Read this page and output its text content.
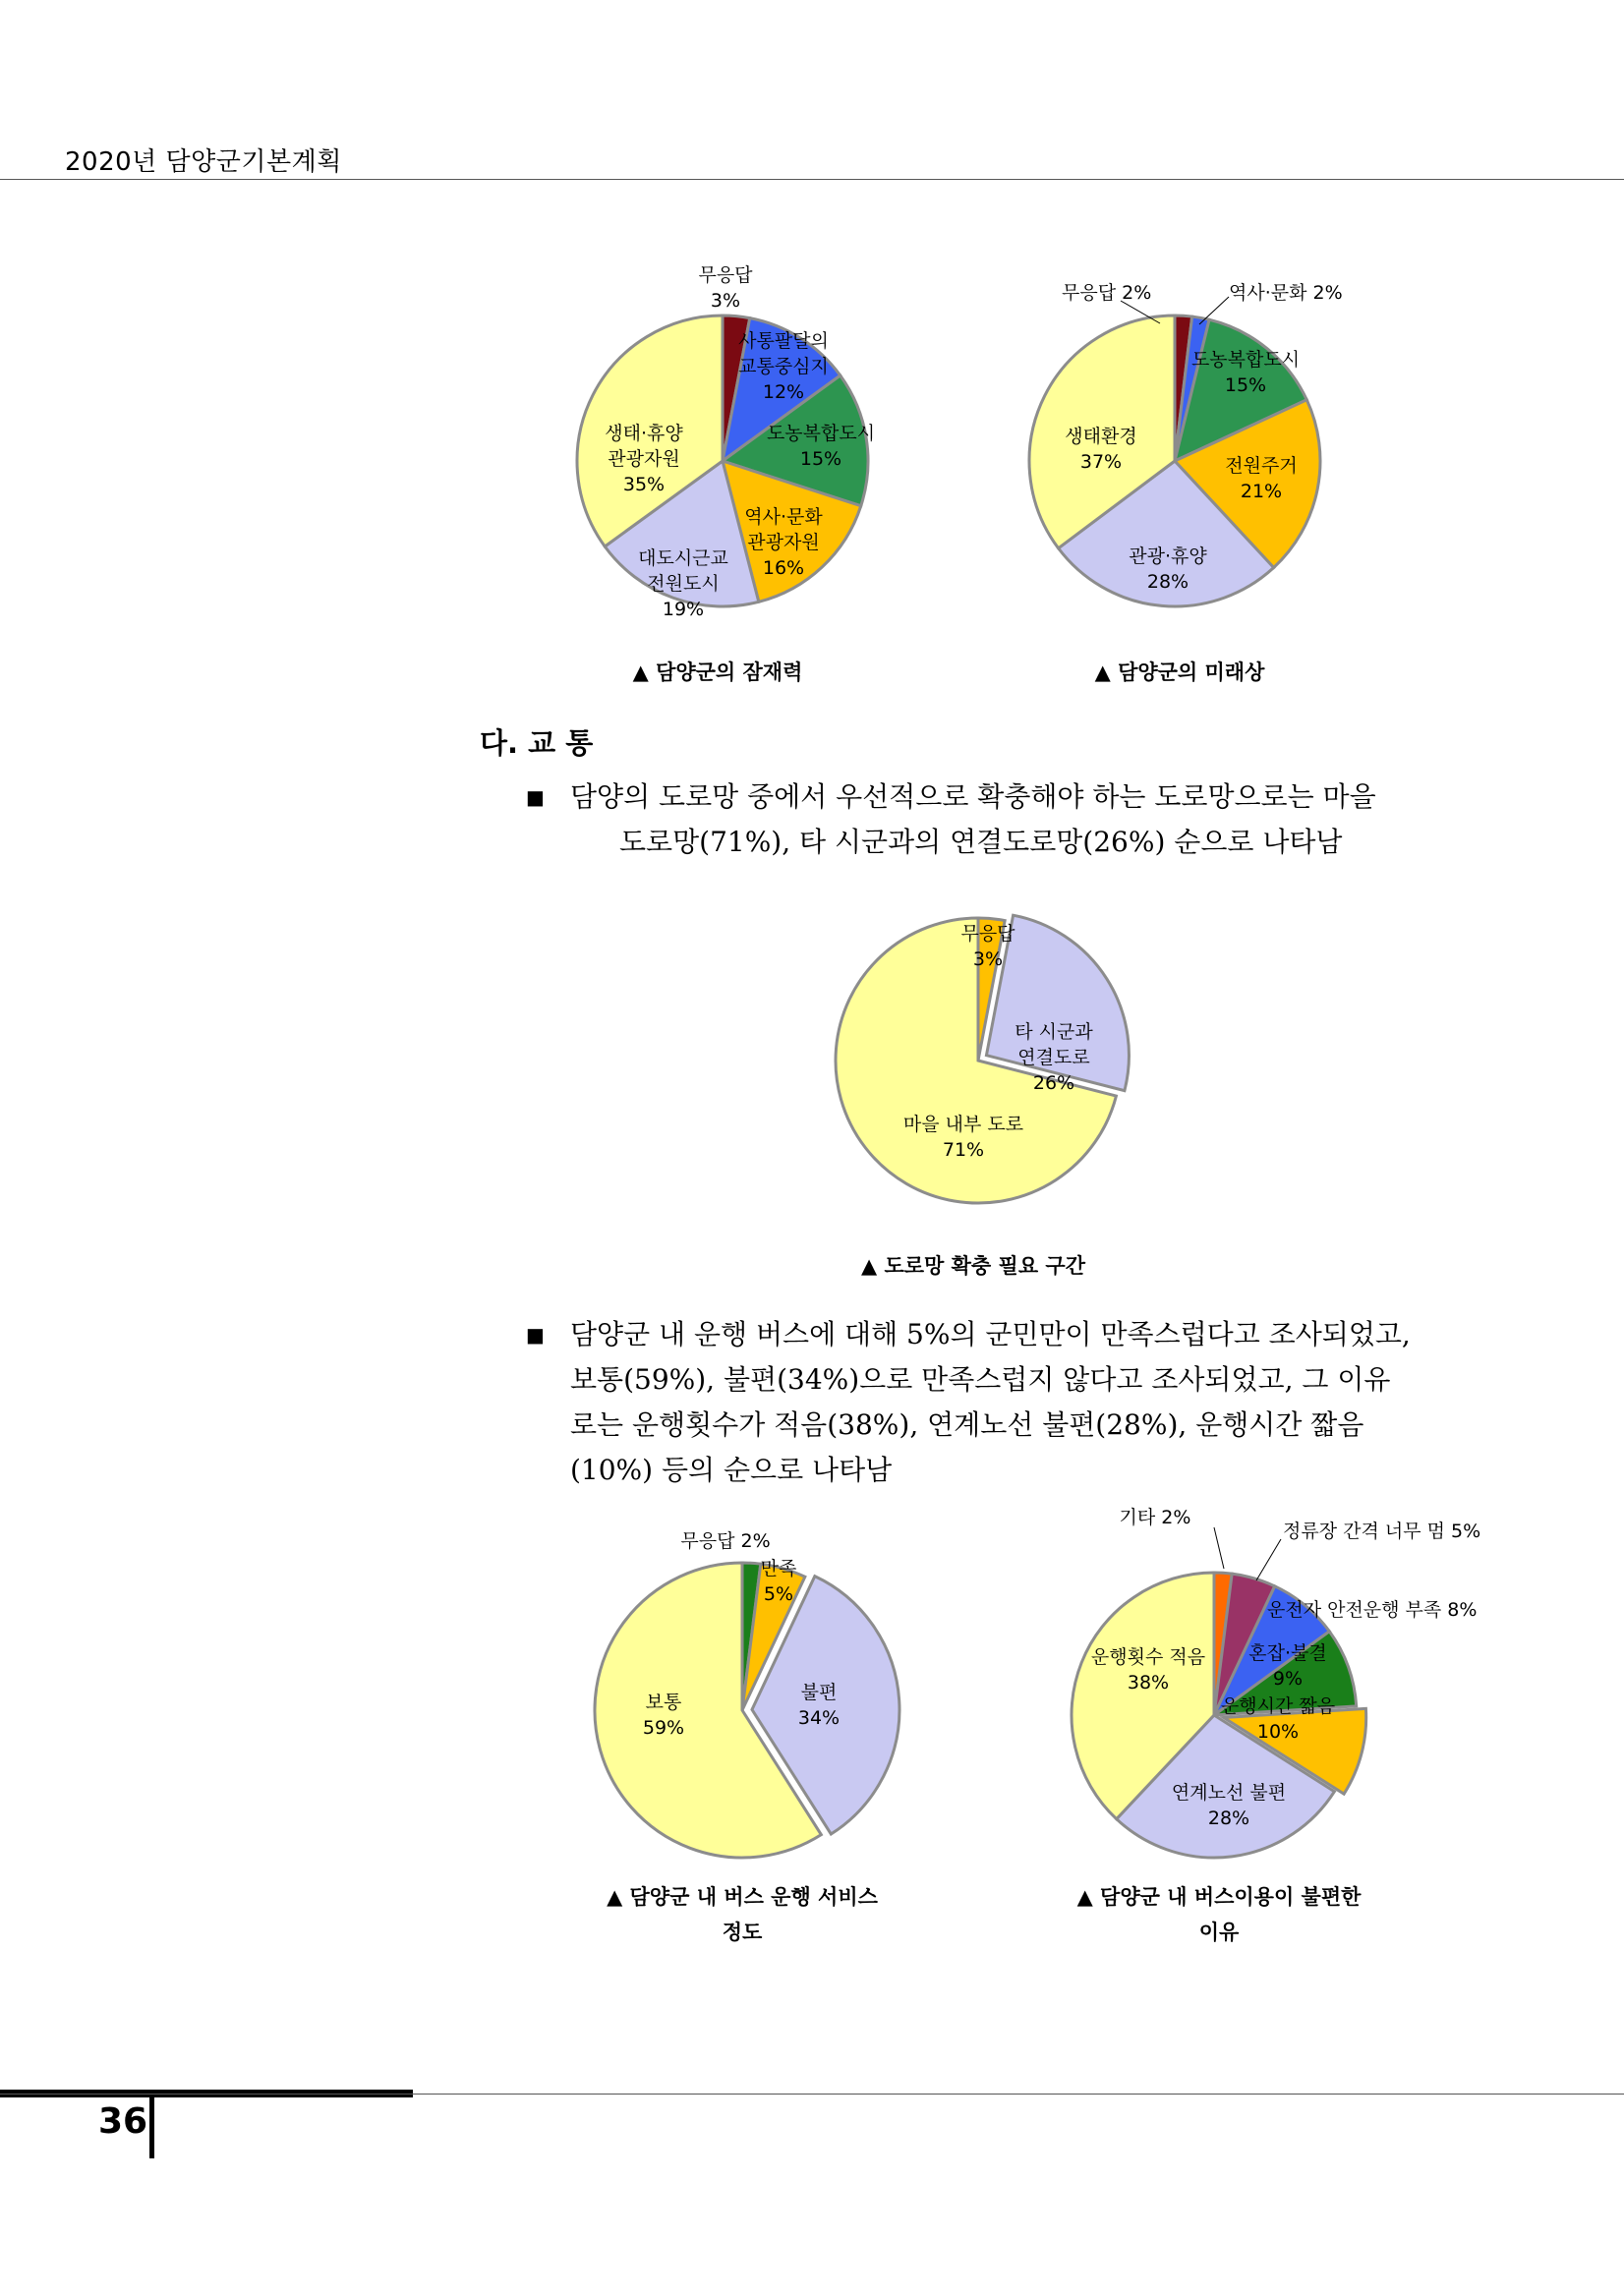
2020년 담양군기본계획
무응답 3%
사통팔달의 교통중심지 12%
도농복합도시 15%
역사·문화 관광자원 16%
대도시근교 전원도시 19%
생태·휴양 관광자원 35%
▲ 담양군의 잠재력
무응답 2%	역사·문화 2%
도농복합도시 15%
전원주거 21%
관광·휴양 28%
생태환경 37%
▲ 담양군의 미래상
다. 교 통
■ 담양의 도로망 중에서 우선적으로 확충해야 하는 도로망으로는 마을
도로망(71%), 타 시군과의 연결도로망(26%) 순으로 나타남
무응답 3%
타 시군과 연결도로 26%
마을 내부 도로 71%
▲ 도로망 확충 필요 구간
■ 담양군 내 운행 버스에 대해 5%의 군민만이 만족스럽다고 조사되었고,
보통(59%), 불편(34%)으로 만족스럽지 않다고 조사되었고, 그 이유
로는 운행횟수가 적음(38%), 연계노선 불편(28%), 운행시간 짧음
(10%) 등의 순으로 나타남
무응답 2%
만족 5%
불편 34%
보통 59%
▲ 담양군 내 버스 운행 서비스
정도
기타 2%
정류장 간격 너무 멈 5%
운전자 안전운행 부족 8%
혼잡·불결 9%
운행시간 짧음 10%
연계노선 불편 28%
운행횟수 적음 38%
▲ 담양군 내 버스이용이 불편한
이유
36
